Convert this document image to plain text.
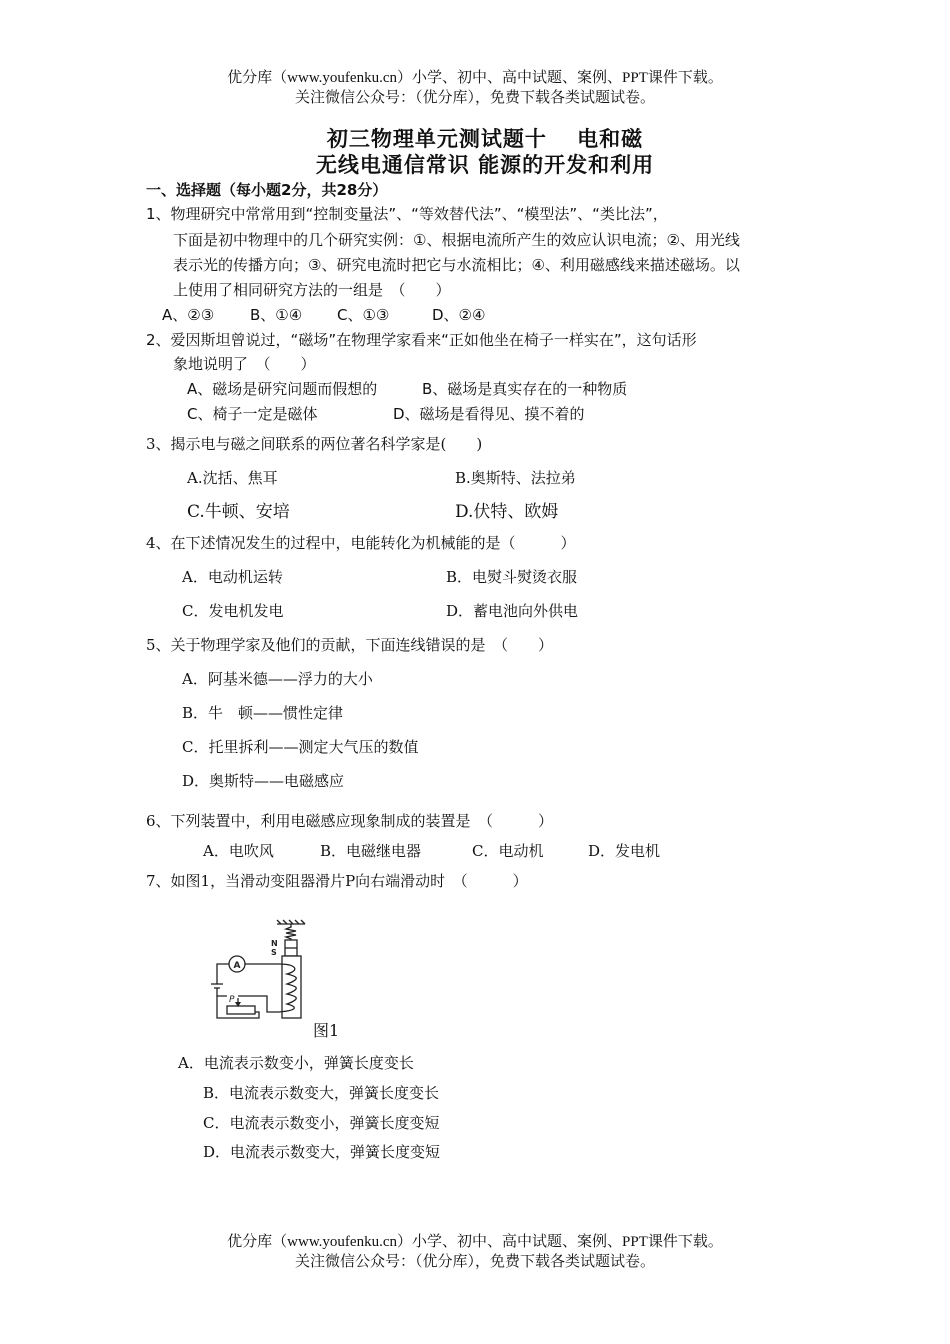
优分库（www.youfenku.cn）小学、初中、高中试题、案例、PPT课件下载。
关注微信公众号：（优分库），免费下载各类试题试卷。
初三物理单元测试题十　 电和磁
无线电通信常识 能源的开发和利用
一、选择题（每小题2分，共28分）
1、物理研究中常常用到“控制变量法”、“等效替代法”、“模型法”、“类比法”，
下面是初中物理中的几个研究实例：①、根据电流所产生的效应认识电流；②、用光线
表示光的传播方向；③、研究电流时把它与水流相比；④、利用磁感线来描述磁场。以
上使用了相同研究方法的一组是　（　　）
A、②③ B、①④ C、①③	D、②④
2、爱因斯坦曾说过，“磁场”在物理学家看来“正如他坐在椅子一样实在”，这句话形
象地说明了　（　　）
A、磁场是研究问题而假想的	B、磁场是真实存在的一种物质
C、椅子一定是磁体	D、磁场是看得见、摸不着的
3、揭示电与磁之间联系的两位著名科学家是(　　)
A.沈括、焦耳	B.奥斯特、法拉弟
C.牛顿、安培	D.伏特、欧姆
4、在下述情况发生的过程中，电能转化为机械能的是（　　　）
A．电动机运转	B．电熨斗熨烫衣服
C．发电机发电	D．蓄电池向外供电
5、关于物理学家及他们的贡献，下面连线错误的是　（　　）
A．阿基米德——浮力的大小
B．牛　顿——惯性定律
C．托里拆利——测定大气压的数值
D．奥斯特——电磁感应
6、下列装置中，利用电磁感应现象制成的装置是　（　　　）
A．电吹风	B．电磁继电器	C．电动机	D．发电机
7、如图1，当滑动变阻器滑片P向右端滑动时　（　　　）
N
S
A
P
图1
A．电流表示数变小，弹簧长度变长
B．电流表示数变大，弹簧长度变长
C．电流表示数变小，弹簧长度变短
D．电流表示数变大，弹簧长度变短
优分库（www.youfenku.cn）小学、初中、高中试题、案例、PPT课件下载。
关注微信公众号：（优分库），免费下载各类试题试卷。
